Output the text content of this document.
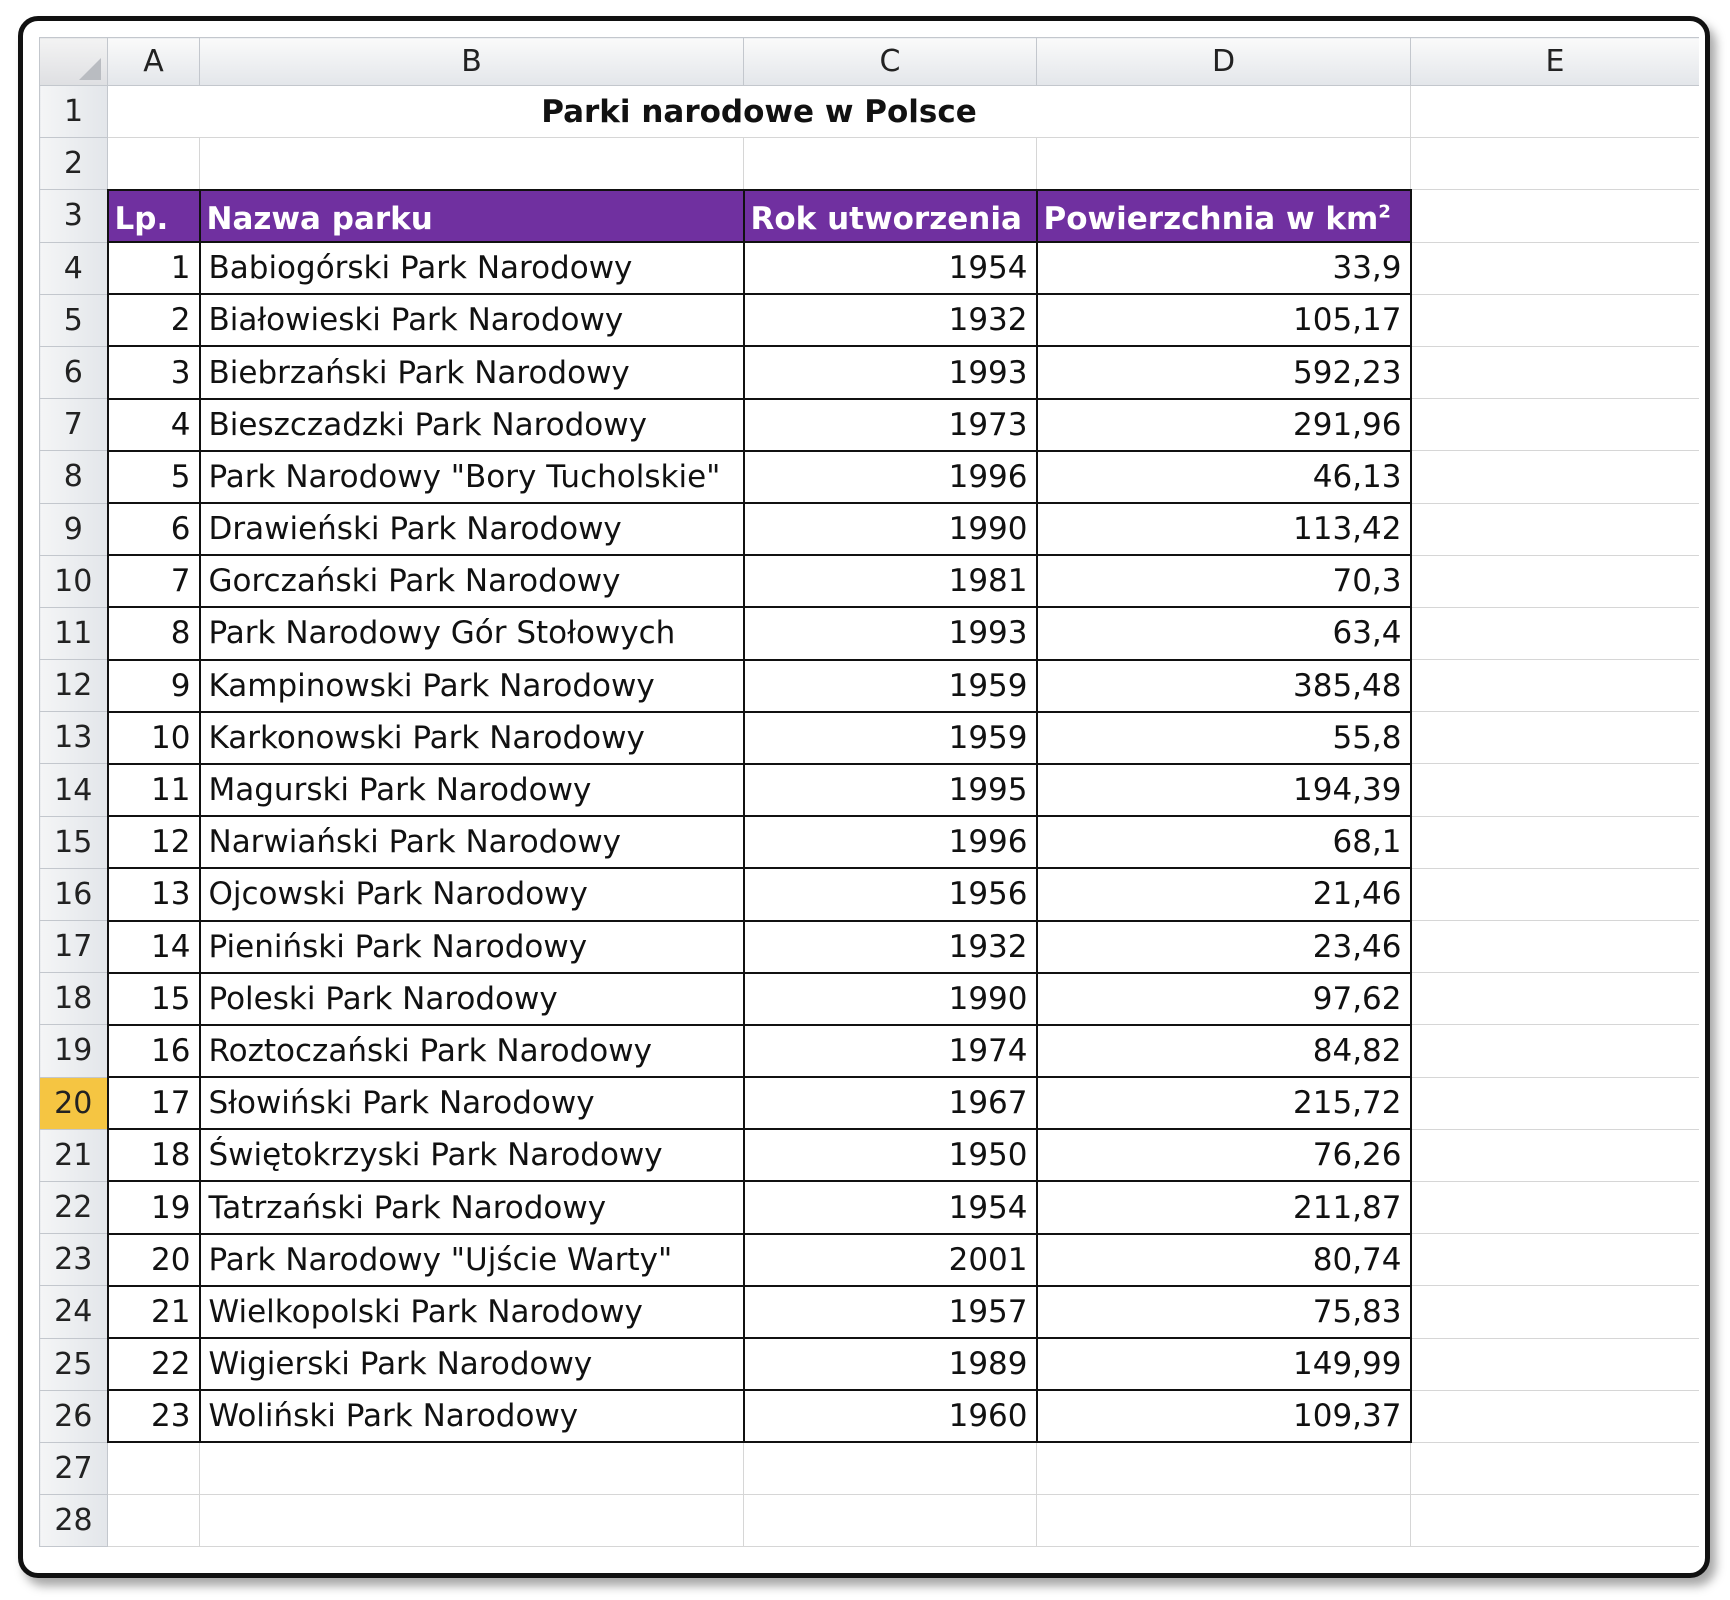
	A	B	C	D	E
1	Parki narodowe w Polsce				
2					
3	Lp.	Nazwa parku	Rok utworzenia	Powierzchnia w $km^2$	
4	1	Babiogórski Park Narodowy	1954	33,9	
5	2	Białowieski Park Narodowy	1932	105,17	
6	3	Biebrzański Park Narodowy	1993	592,23	
7	4	Bieszczadzki Park Narodowy	1973	291,96	
8	5	Park Narodowy "Bory Tucholskie"	1996	46,13	
9	6	Drawieński Park Narodowy	1990	113,42	
10	7	Gorczański Park Narodowy	1981	70,3	
11	8	Park Narodowy Gór Stołowych	1993	63,4	
12	9	Kampinowski Park Narodowy	1959	385,48	
13	10	Karkonowski Park Narodowy	1959	55,8	
14	11	Magurski Park Narodowy	1995	194,39	
15	12	Narwiański Park Narodowy	1996	68,1	
16	13	Ojcowski Park Narodowy	1956	21,46	
17	14	Pieniński Park Narodowy	1932	23,46	
18	15	Poleski Park Narodowy	1990	97,62	
19	16	Roztoczański Park Narodowy	1974	84,82	
20	17	Słowiński Park Narodowy	1967	215,72	
21	18	Świętokrzyski Park Narodowy	1950	76,26	
22	19	Tatrzański Park Narodowy	1954	211,87	
23	20	Park Narodowy "Ujście Warty"	2001	80,74	
24	21	Wielkopolski Park Narodowy	1957	75,83	
25	22	Wigierski Park Narodowy	1989	149,99	
26	23	Woliński Park Narodowy	1960	109,37	
27					
28					
